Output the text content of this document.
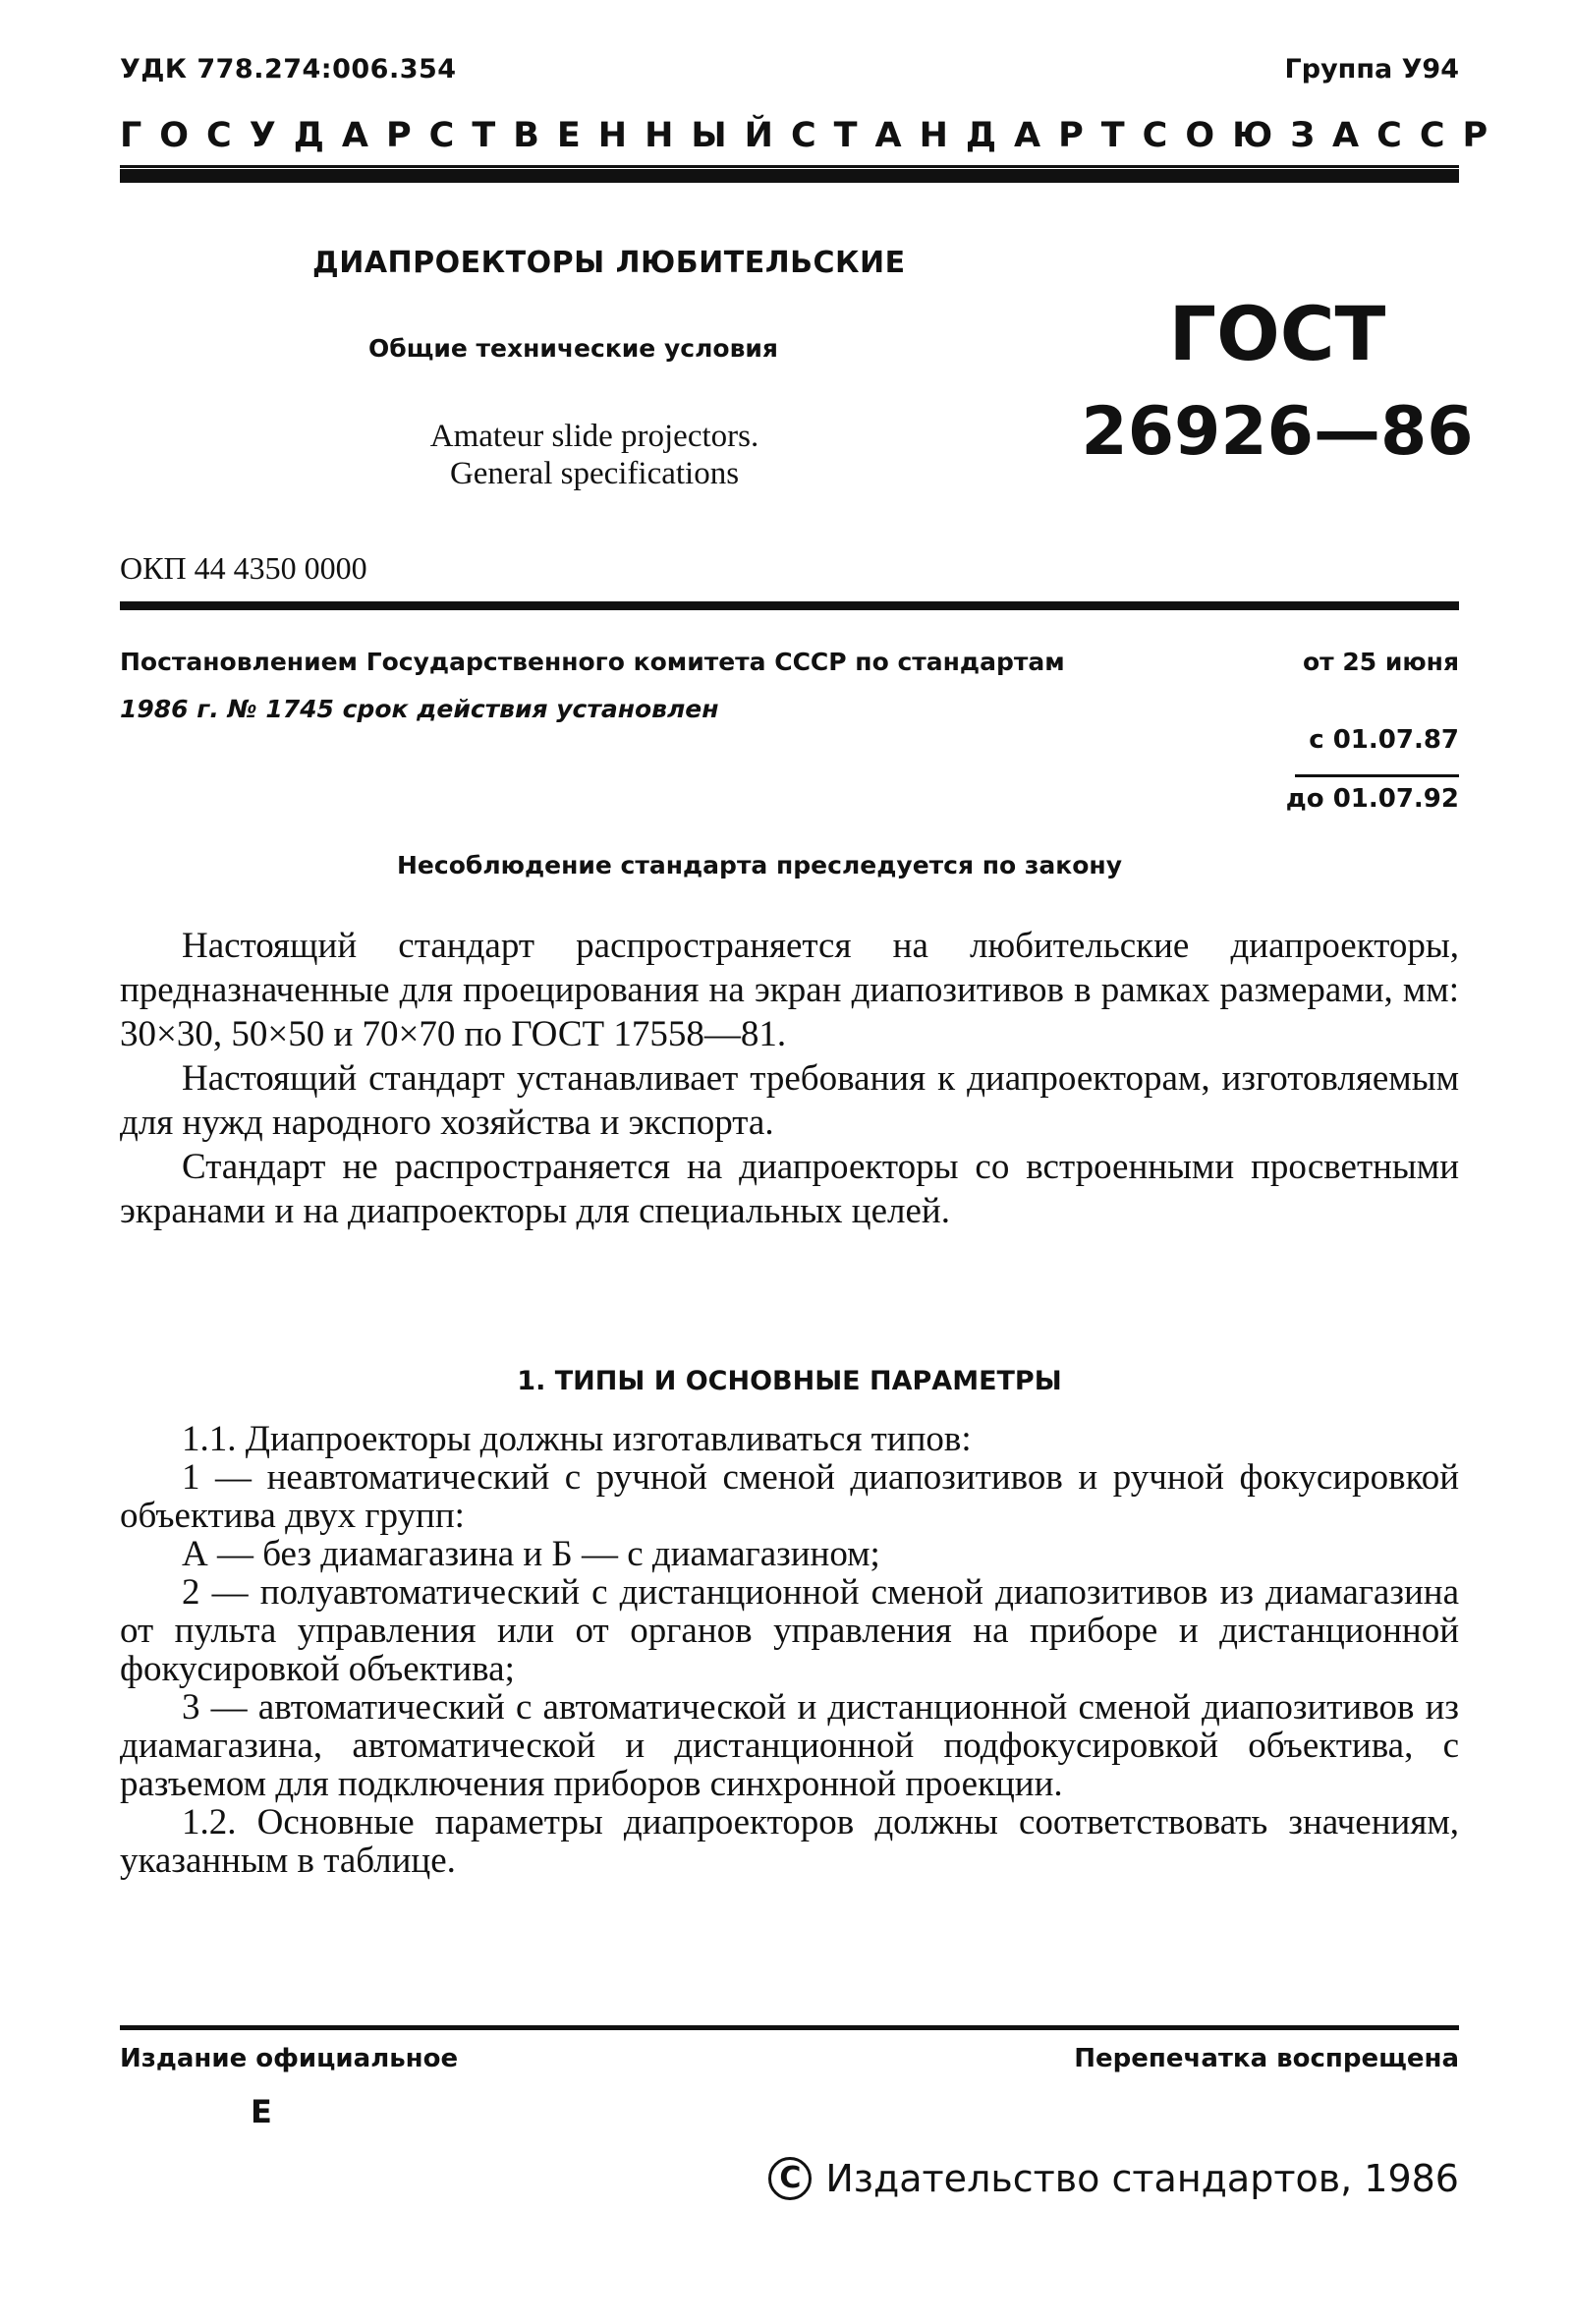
УДК 778.274:006.354	Группа У94
ГОСУДАРСТВЕННЫЙ СТАНДАРТ СОЮЗА ССР
ДИАПРОЕКТОРЫ ЛЮБИТЕЛЬСКИЕ
Общие технические условия
Amateur slide projectors.
General specifications
ГОСТ
26926—86
ОКП 44 4350 0000
Постановлением Государственного комитета СССР по стандартам	от 25 июня
1986 г. № 1745 срок действия установлен
с 01.07.87
до 01.07.92
Несоблюдение стандарта преследуется по закону

Настоящий стандарт распространяется на любительские диапроекторы, предназначенные для проецирования на экран диапозитивов в рамках размерами, мм: 30×30, 50×50 и 70×70 по ГОСТ 17558—81.

Настоящий стандарт устанавливает требования к диапроекторам, изготовляемым для нужд народного хозяйства и экспорта.

Стандарт не распространяется на диапроекторы со встроенными просветными экранами и на диапроекторы для специальных целей.

1. ТИПЫ И ОСНОВНЫЕ ПАРАМЕТРЫ

1.1. Диапроекторы должны изготавливаться типов:

1 — неавтоматический с ручной сменой диапозитивов и ручной фокусировкой объектива двух групп:

А — без диамагазина и Б — с диамагазином;

2 — полуавтоматический с дистанционной сменой диапозитивов из диамагазина от пульта управления или от органов управления на приборе и дистанционной фокусировкой объектива;

3 — автоматический с автоматической и дистанционной сменой диапозитивов из диамагазина, автоматической и дистанционной подфокусировкой объектива, с разъемом для подключения приборов синхронной проекции.

1.2. Основные параметры диапроекторов должны соответствовать значениям, указанным в таблице.

Издание официальное	Перепечатка воспрещена
Е
C Издательство стандартов, 1986
